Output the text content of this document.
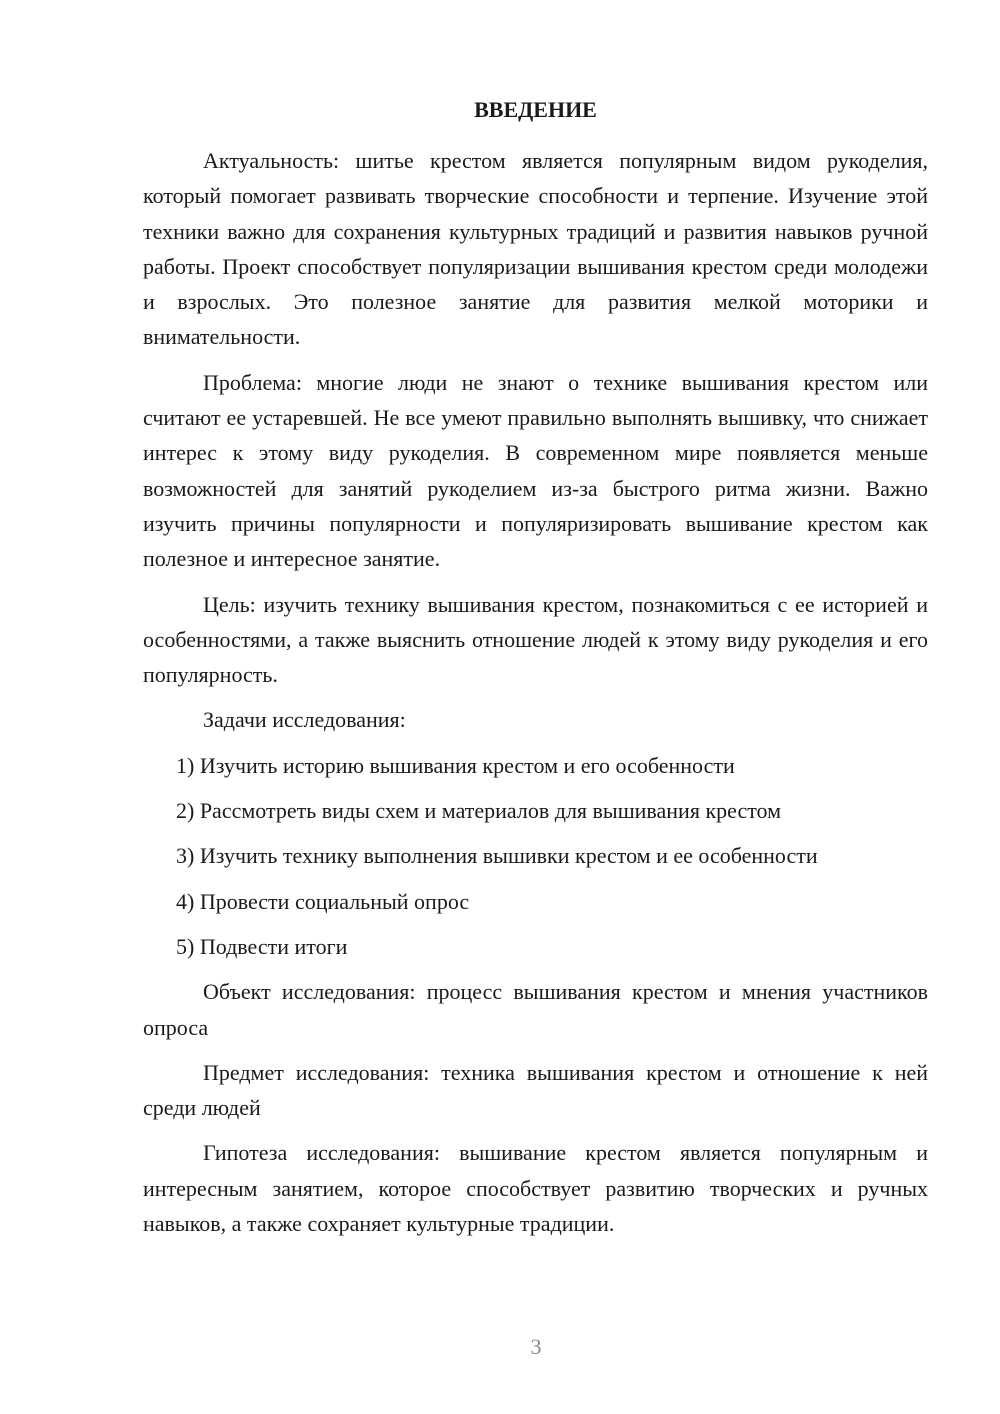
ВВЕДЕНИЕ

Актуальность: шитье крестом является популярным видом рукоделия, который помогает развивать творческие способности и терпение. Изучение этой техники важно для сохранения культурных традиций и развития навыков ручной работы. Проект способствует популяризации вышивания крестом среди молодежи и взрослых. Это полезное занятие для развития мелкой моторики и внимательности.

Проблема: многие люди не знают о технике вышивания крестом или считают ее устаревшей. Не все умеют правильно выполнять вышивку, что снижает интерес к этому виду рукоделия. В современном мире появляется меньше возможностей для занятий рукоделием из-за быстрого ритма жизни. Важно изучить причины популярности и популяризировать вышивание крестом как полезное и интересное занятие.

Цель: изучить технику вышивания крестом, познакомиться с ее историей и особенностями, а также выяснить отношение людей к этому виду рукоделия и его популярность.

Задачи исследования:

1) Изучить историю вышивания крестом и его особенности
2) Рассмотреть виды схем и материалов для вышивания крестом
3) Изучить технику выполнения вышивки крестом и ее особенности
4) Провести социальный опрос
5) Подвести итоги

Объект исследования: процесс вышивания крестом и мнения участников опроса

Предмет исследования: техника вышивания крестом и отношение к ней среди людей

Гипотеза исследования: вышивание крестом является популярным и интересным занятием, которое способствует развитию творческих и ручных навыков, а также сохраняет культурные традиции.

3
